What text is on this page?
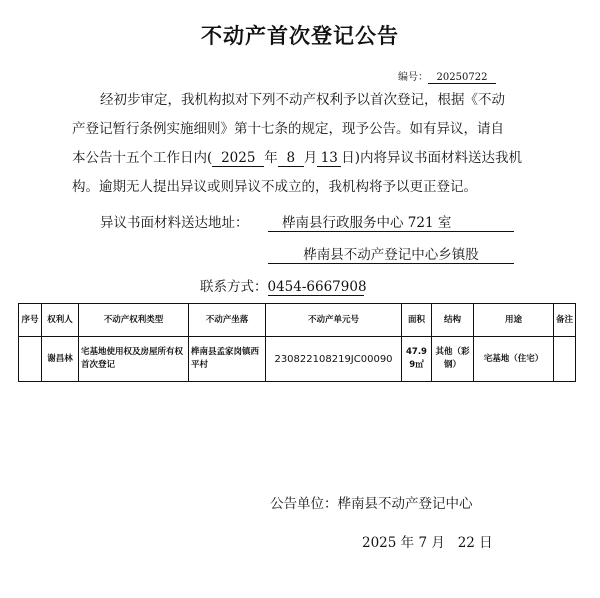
不动产首次登记公告
编号： 20250722
经初步审定，我机构拟对下列不动产权利予以首次登记，根据《不动
产登记暂行条例实施细则》第十七条的规定，现予公告。如有异议，请自
本公告十五个工作日内( 2025 年 8 月 13 日)内将异议书面材料送达我机
构。逾期无人提出异议或则异议不成立的，我机构将予以更正登记。
异议书面材料送达地址：	桦南县行政服务中心 721 室
桦南县不动产登记中心乡镇股
联系方式：0454-6667908
序号	权利人	不动产权利类型	不动产坐落	不动产单元号	面积	结构	用途	备注
	谢昌林	宅基地使用权及房屋所有权首次登记	桦南县孟家岗镇西平村	230822108219JC00090	47.99㎡	其他（彩钢）	宅基地（住宅）	
公告单位：桦南县不动产登记中心
2025 年 7 月   22 日
